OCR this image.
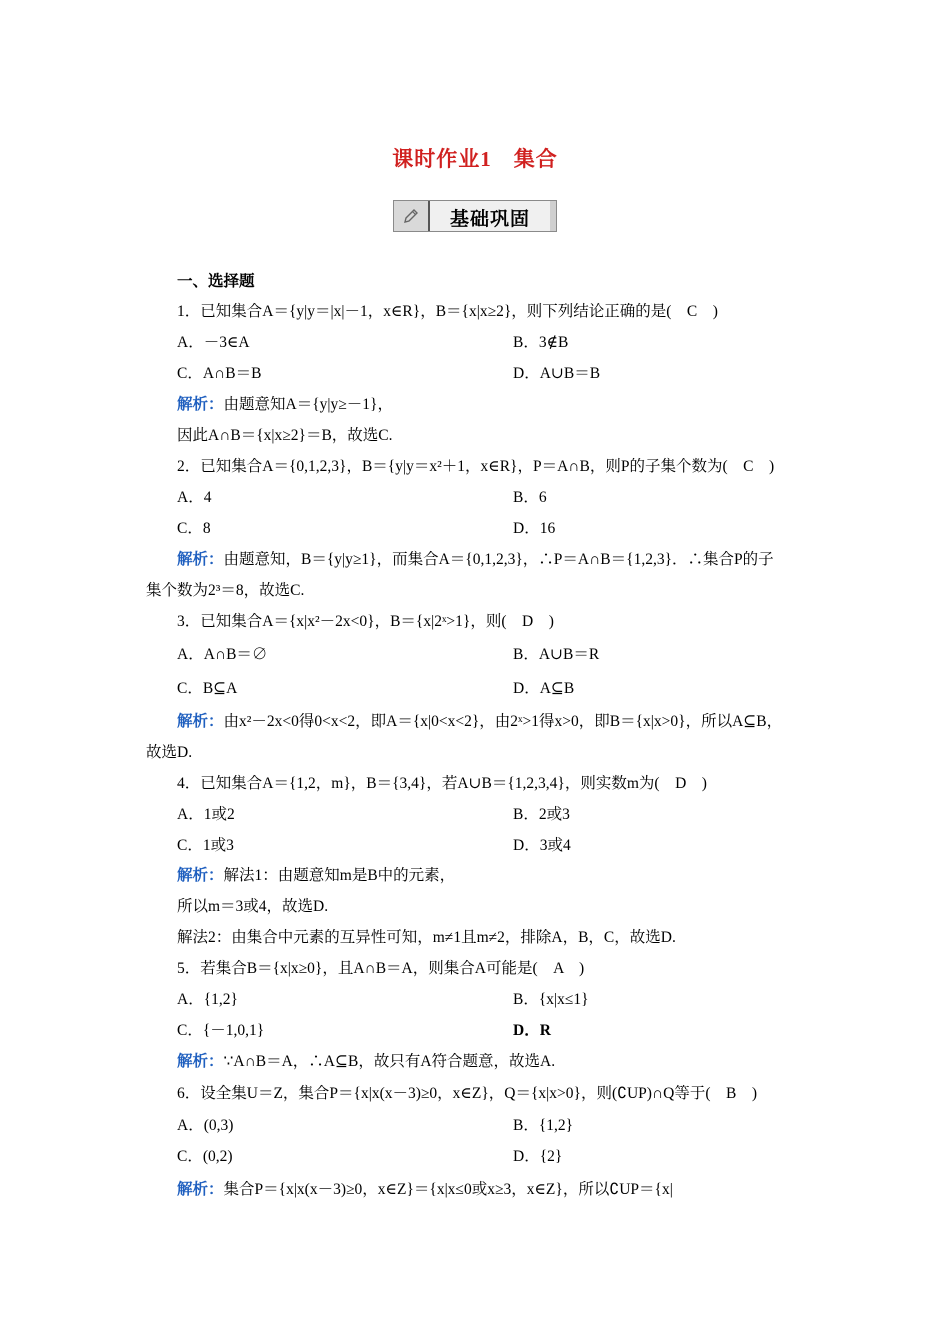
课时作业1　集合
基础巩固
一、选择题
1．已知集合A＝{y|y＝|x|－1，x∈R}，B＝{x|x≥2}，则下列结论正确的是(　C　)
A．－3∈A	B．3∉B
C．A∩B＝B	D．A∪B＝B
解析：由题意知A＝{y|y≥－1}，
因此A∩B＝{x|x≥2}＝B，故选C.
2．已知集合A＝{0,1,2,3}，B＝{y|y＝x²＋1，x∈R}，P＝A∩B，则P的子集个数为(　C　)
A．4	B．6
C．8	D．16
解析：由题意知，B＝{y|y≥1}，而集合A＝{0,1,2,3}，∴P＝A∩B＝{1,2,3}．∴集合P的子
集个数为2³＝8，故选C.
3．已知集合A＝{x|x²－2x<0}，B＝{x|2ˣ>1}，则(　D　)
A．A∩B＝∅	B．A∪B＝R
C．B⊆A	D．A⊆B
解析：由x²－2x<0得0<x<2，即A＝{x|0<x<2}，由2ˣ>1得x>0，即B＝{x|x>0}，所以A⊆B，
故选D.
4．已知集合A＝{1,2，m}，B＝{3,4}，若A∪B＝{1,2,3,4}，则实数m为(　D　)
A．1或2	B．2或3
C．1或3	D．3或4
解析：解法1：由题意知m是B中的元素，
所以m＝3或4，故选D.
解法2：由集合中元素的互异性可知，m≠1且m≠2，排除A，B，C，故选D.
5．若集合B＝{x|x≥0}，且A∩B＝A，则集合A可能是(　A　)
A．{1,2}	B．{x|x≤1}
C．{－1,0,1}	D．R
解析：∵A∩B＝A，∴A⊆B，故只有A符合题意，故选A.
6．设全集U＝Z，集合P＝{x|x(x－3)≥0，x∈Z}，Q＝{x|x>0}，则(∁UP)∩Q等于(　B　)
A．(0,3)	B．{1,2}
C．(0,2)	D．{2}
解析：集合P＝{x|x(x－3)≥0，x∈Z}＝{x|x≤0或x≥3，x∈Z}，所以∁UP＝{x|
